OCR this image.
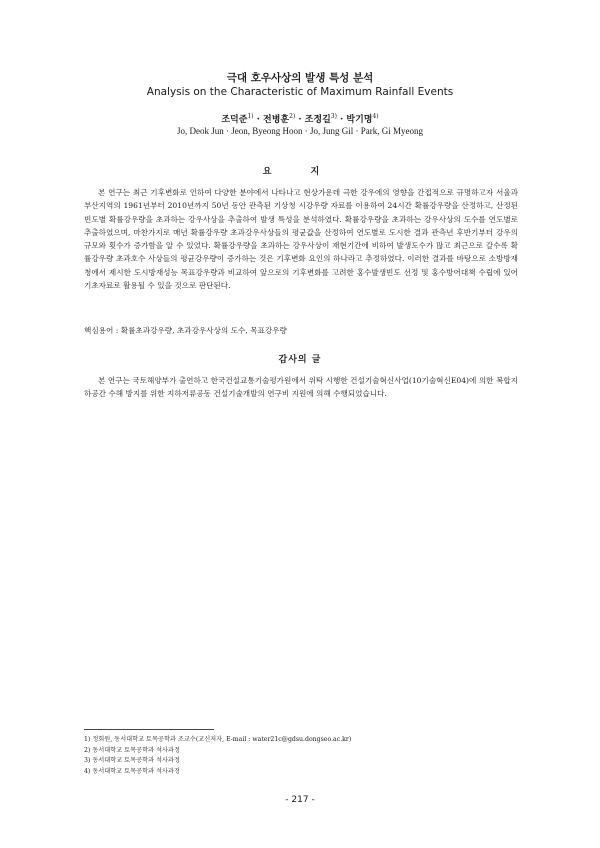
극대 호우사상의 발생 특성 분석
Analysis on the Characteristic of Maximum Rainfall Events
조덕준$^{1)}$ · 전병훈$^{2)}$ · 조정길$^{3)}$ · 박기명$^{4)}$
Jo, Deok Jun · Jeon, Byeong Hoon · Jo, Jung Gil · Park, Gi Myeong
요 지
본 연구는 최근 기후변화로 인하여 다양한 분야에서 나타나고 현상가운데 극한 강우에의 영향을 간접적으로 규명하고자 서울과 부산지역의 1961년부터 2010년까지 50년 동안 관측된 기상청 시강우량 자료를 이용하여 24시간 확률강우량을 산정하고, 산정된 빈도별 확률강우량을 초과하는 강우사상을 추출하여 발생 특성을 분석하였다. 확률강우량을 초과하는 강우사상의 도수를 연도별로 추출하였으며, 마찬가지로 매년 확률강우량 초과강우사상들의 평균값을 산정하여 연도별로 도시한 결과 관측년 후반기부터 강우의 규모와 횟수가 증가함을 알 수 있었다. 확률강우량을 초과하는 강우사상이 재현기간에 비하여 발생도수가 많고 최근으로 갈수록 확률강우량 초과호수 사상들의 평균강우량이 증가하는 것은 기후변화 요인의 하나라고 추정하였다. 이러한 결과를 바탕으로 소방방재청에서 제시한 도시방재성능 목표강우량과 비교하여 앞으로의 기후변화를 고려한 홍수발생빈도 선정 및 홍수방어대책 수립에 있어 기초자료로 활용될 수 있을 것으로 판단된다.
핵심용어 : 확률초과강우량, 초과강우사상의 도수, 목표강우량
감사의 글
본 연구는 국토해양부가 출연하고 한국건설교통기술평가원에서 위탁 시행한 건설기술혁신사업(10기술혁신E04)에 의한 복합지하공간 수해 방지를 위한 지하저류공동 건설기술개발의 연구비 지원에 의해 수행되었습니다.
1) 정회원, 동서대학교 토목공학과 조교수(교신저자, E-mail : water21c@gdsu.dongseo.ac.kr)
2) 동서대학교 토목공학과 석사과정
3) 동서대학교 토목공학과 석사과정
4) 동서대학교 토목공학과 석사과정
- 217 -
